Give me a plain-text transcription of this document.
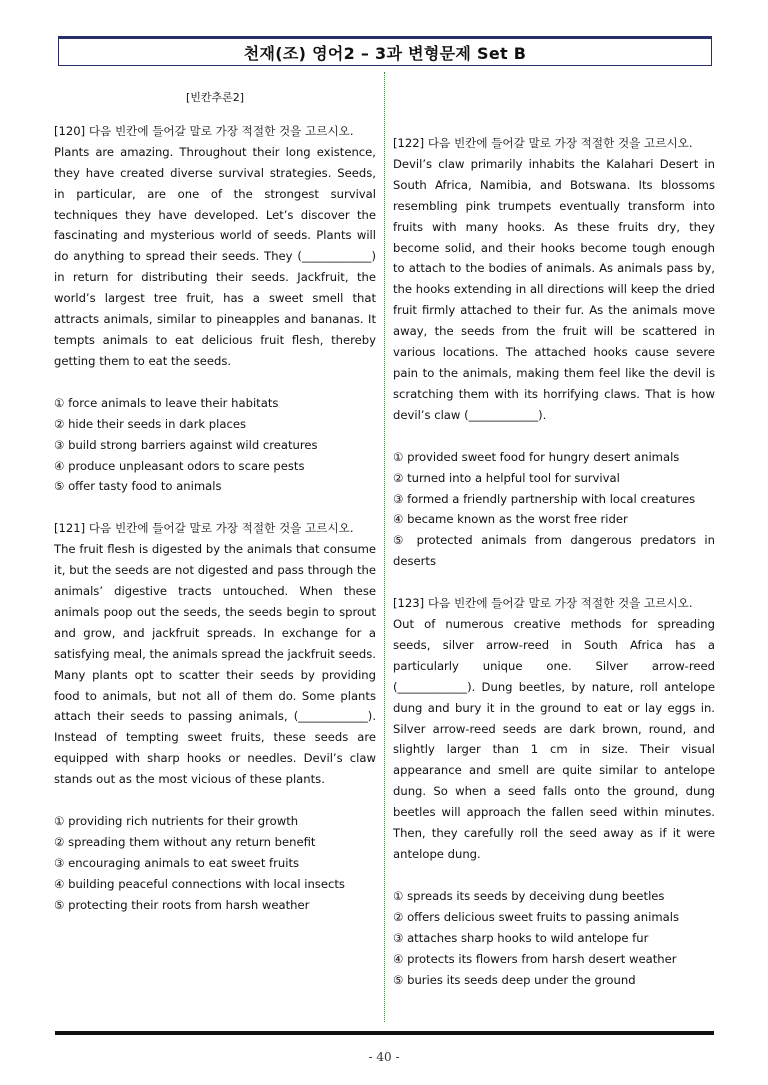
천재(조) 영어2 – 3과 변형문제 Set B
[빈칸추론2]
[120] 다음 빈칸에 들어갈 말로 가장 적절한 것을 고르시오.
Plants are amazing. Throughout their long existence, they have created diverse survival strategies. Seeds, in particular, are one of the strongest survival techniques they have developed. Let’s discover the fascinating and mysterious world of seeds. Plants will do anything to spread their seeds. They (____________) in return for distributing their seeds. Jackfruit, the world’s largest tree fruit, has a sweet smell that attracts animals, similar to pineapples and bananas. It tempts animals to eat delicious fruit flesh, thereby getting them to eat the seeds.
① force animals to leave their habitats
② hide their seeds in dark places
③ build strong barriers against wild creatures
④ produce unpleasant odors to scare pests
⑤ offer tasty food to animals
[121] 다음 빈칸에 들어갈 말로 가장 적절한 것을 고르시오.
The fruit flesh is digested by the animals that consume it, but the seeds are not digested and pass through the animals’ digestive tracts untouched. When these animals poop out the seeds, the seeds begin to sprout and grow, and jackfruit spreads. In exchange for a satisfying meal, the animals spread the jackfruit seeds. Many plants opt to scatter their seeds by providing food to animals, but not all of them do. Some plants attach their seeds to passing animals, (____________). Instead of tempting sweet fruits, these seeds are equipped with sharp hooks or needles. Devil’s claw stands out as the most vicious of these plants.
① providing rich nutrients for their growth
② spreading them without any return benefit
③ encouraging animals to eat sweet fruits
④ building peaceful connections with local insects
⑤ protecting their roots from harsh weather
[122] 다음 빈칸에 들어갈 말로 가장 적절한 것을 고르시오.
Devil’s claw primarily inhabits the Kalahari Desert in South Africa, Namibia, and Botswana. Its blossoms resembling pink trumpets eventually transform into fruits with many hooks. As these fruits dry, they become solid, and their hooks become tough enough to attach to the bodies of animals. As animals pass by, the hooks extending in all directions will keep the dried fruit firmly attached to their fur. As the animals move away, the seeds from the fruit will be scattered in various locations. The attached hooks cause severe pain to the animals, making them feel like the devil is scratching them with its horrifying claws. That is how devil’s claw (____________).
① provided sweet food for hungry desert animals
② turned into a helpful tool for survival
③ formed a friendly partnership with local creatures
④ became known as the worst free rider
⑤ protected animals from dangerous predators in deserts
[123] 다음 빈칸에 들어갈 말로 가장 적절한 것을 고르시오.
Out of numerous creative methods for spreading seeds, silver arrow-reed in South Africa has a particularly unique one. Silver arrow-reed (____________). Dung beetles, by nature, roll antelope dung and bury it in the ground to eat or lay eggs in. Silver arrow-reed seeds are dark brown, round, and slightly larger than 1 cm in size. Their visual appearance and smell are quite similar to antelope dung. So when a seed falls onto the ground, dung beetles will approach the fallen seed within minutes. Then, they carefully roll the seed away as if it were antelope dung.
① spreads its seeds by deceiving dung beetles
② offers delicious sweet fruits to passing animals
③ attaches sharp hooks to wild antelope fur
④ protects its flowers from harsh desert weather
⑤ buries its seeds deep under the ground
- 40 -
